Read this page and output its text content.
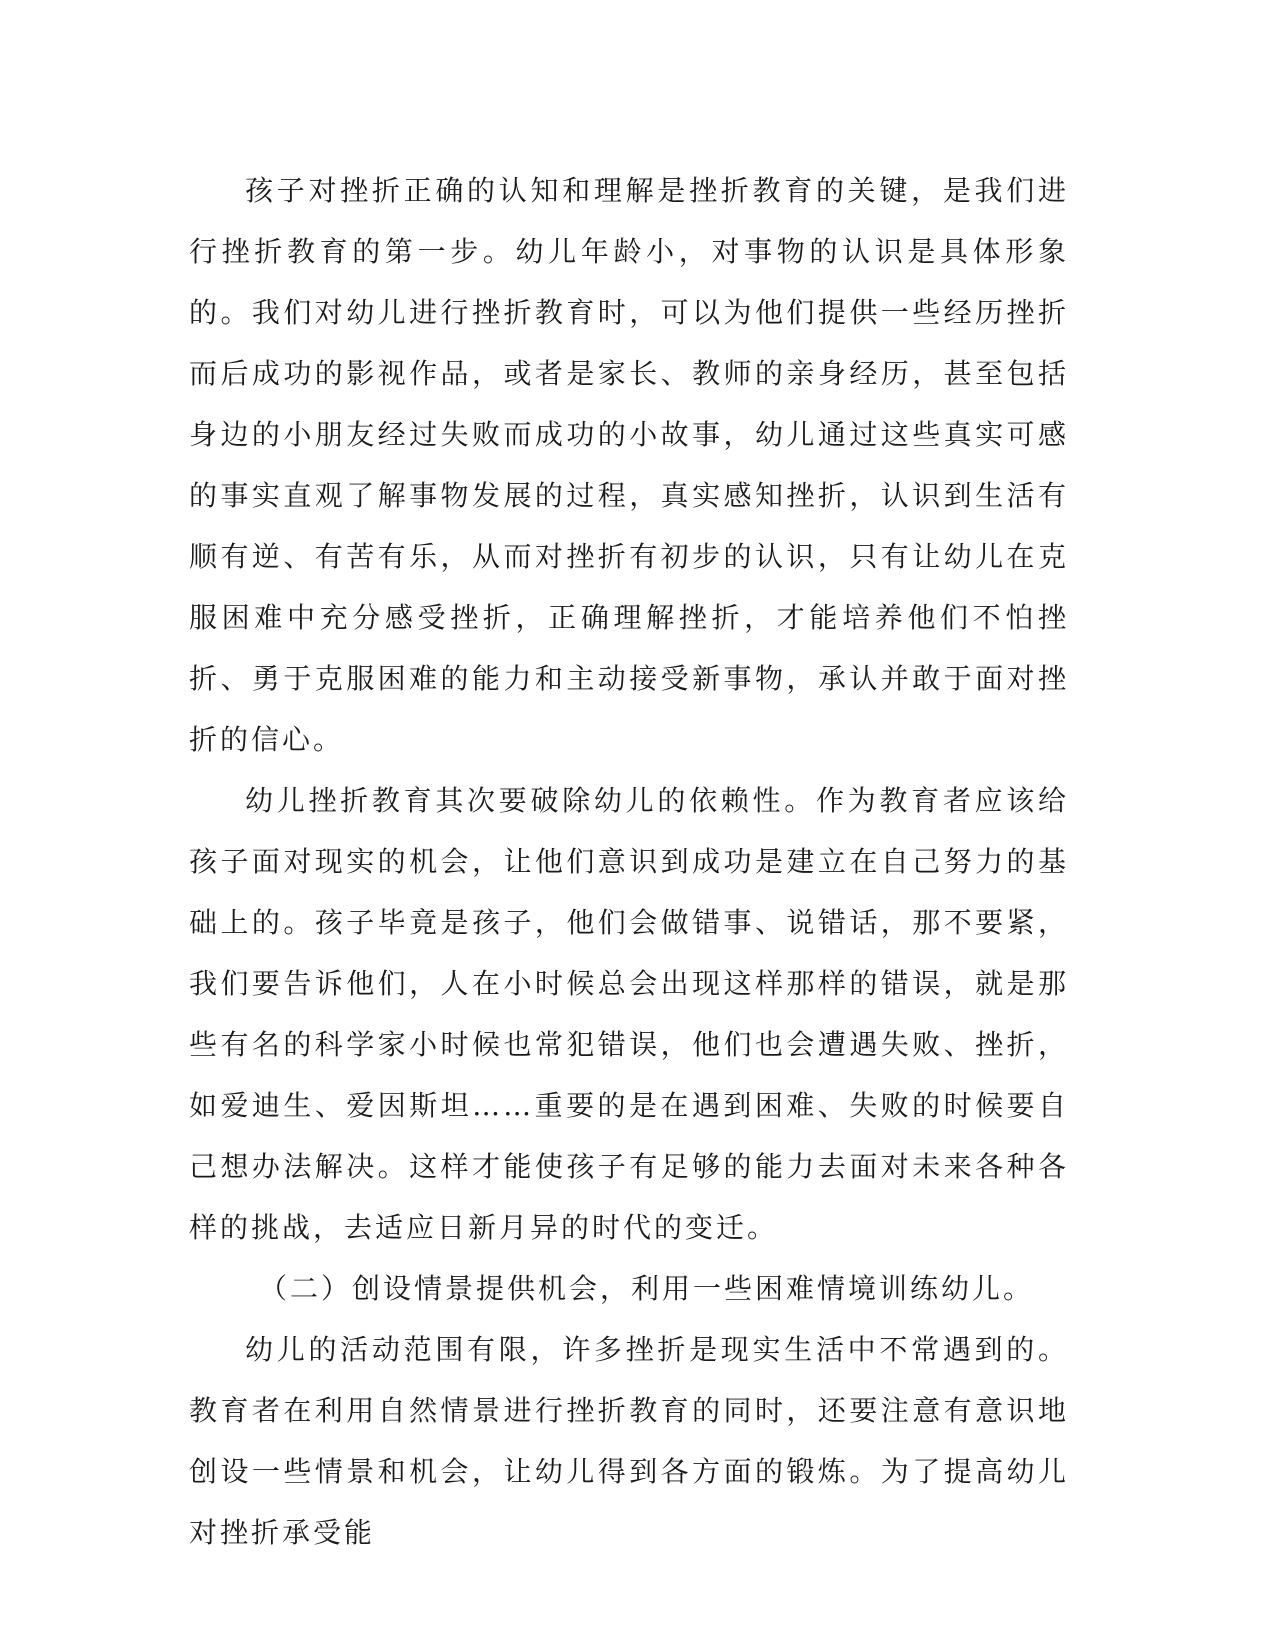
孩子对挫折正确的认知和理解是挫折教育的关键，是我们进行挫折教育的第一步。幼儿年龄小，对事物的认识是具体形象的。我们对幼儿进行挫折教育时，可以为他们提供一些经历挫折而后成功的影视作品，或者是家长、教师的亲身经历，甚至包括身边的小朋友经过失败而成功的小故事，幼儿通过这些真实可感的事实直观了解事物发展的过程，真实感知挫折，认识到生活有顺有逆、有苦有乐，从而对挫折有初步的认识，只有让幼儿在克服困难中充分感受挫折，正确理解挫折，才能培养他们不怕挫折、勇于克服困难的能力和主动接受新事物，承认并敢于面对挫折的信心。

幼儿挫折教育其次要破除幼儿的依赖性。作为教育者应该给孩子面对现实的机会，让他们意识到成功是建立在自己努力的基础上的。孩子毕竟是孩子，他们会做错事、说错话，那不要紧，我们要告诉他们，人在小时候总会出现这样那样的错误，就是那些有名的科学家小时候也常犯错误，他们也会遭遇失败、挫折，如爱迪生、爱因斯坦……重要的是在遇到困难、失败的时候要自己想办法解决。这样才能使孩子有足够的能力去面对未来各种各样的挑战，去适应日新月异的时代的变迁。

（二）创设情景提供机会，利用一些困难情境训练幼儿。

幼儿的活动范围有限，许多挫折是现实生活中不常遇到的。教育者在利用自然情景进行挫折教育的同时，还要注意有意识地创设一些情景和机会，让幼儿得到各方面的锻炼。为了提高幼儿对挫折承受能
